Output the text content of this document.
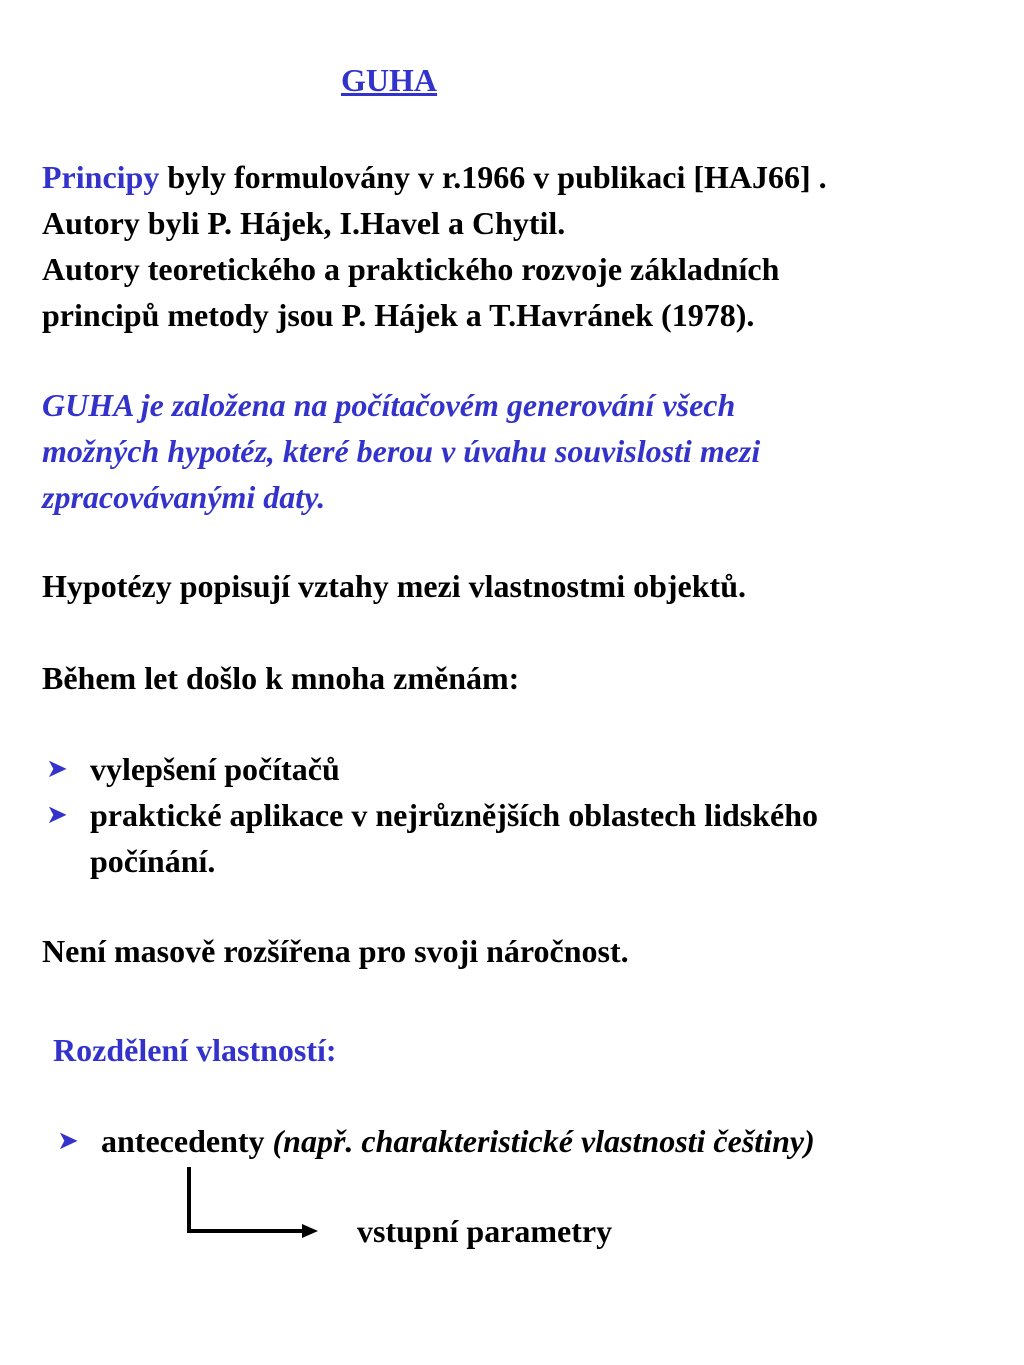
GUHA

Principy byly formulovány v r.1966 v publikaci [HAJ66] .

Autory byli P. Hájek, I.Havel a Chytil.

Autory teoretického a praktického rozvoje základních

principů metody jsou P. Hájek a T.Havránek (1978).

GUHA je založena na počítačovém generování všech

možných hypotéz, které berou v úvahu souvislosti mezi

zpracovávanými daty.

Hypotézy popisují vztahy mezi vlastnostmi objektů.

Během let došlo k mnoha změnám:

➤ vylepšení počítačů

➤ praktické aplikace v nejrůznějších oblastech lidského

počínání.

Není masově rozšířena pro svoji náročnost.

Rozdělení vlastností:

➤ antecedenty (např. charakteristické vlastnosti češtiny)

vstupní parametry
